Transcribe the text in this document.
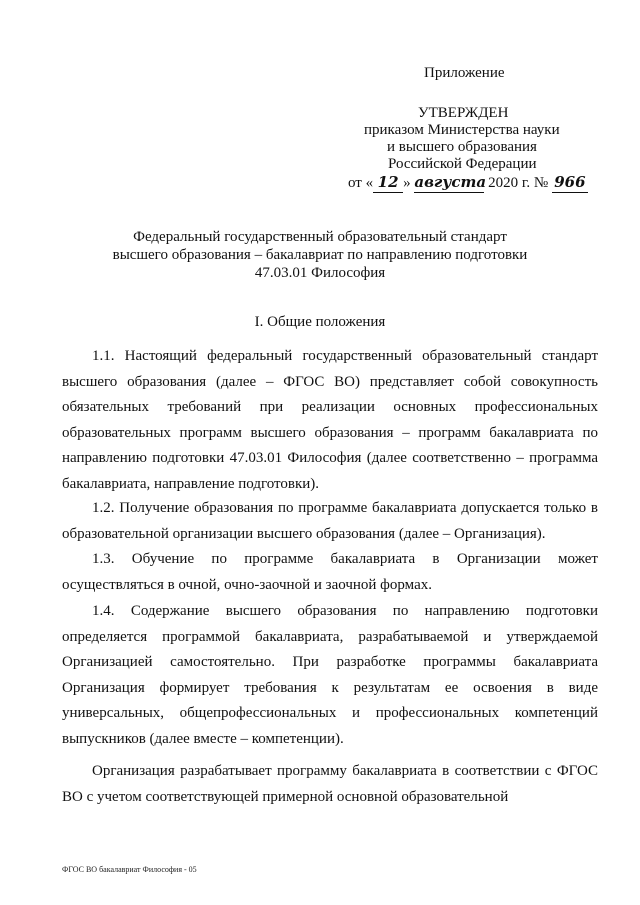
Приложение
УТВЕРЖДЕН
приказом Министерства науки
и высшего образования
Российской Федерации
от « 12 » августа 2020 г. № 966
Федеральный государственный образовательный стандарт
высшего образования – бакалавриат по направлению подготовки
47.03.01 Философия
I. Общие положения

1.1. Настоящий федеральный государственный образовательный стандарт высшего образования (далее – ФГОС ВО) представляет собой совокупность обязательных требований при реализации основных профессиональных образовательных программ высшего образования – программ бакалавриата по направлению подготовки 47.03.01 Философия (далее соответственно – программа бакалавриата, направление подготовки).

1.2. Получение образования по программе бакалавриата допускается только в образовательной организации высшего образования (далее – Организация).

1.3. Обучение по программе бакалавриата в Организации может осуществляться в очной, очно-заочной и заочной формах.

1.4. Содержание высшего образования по направлению подготовки определяется программой бакалавриата, разрабатываемой и утверждаемой Организацией самостоятельно. При разработке программы бакалавриата Организация формирует требования к результатам ее освоения в виде универсальных, общепрофессиональных и профессиональных компетенций выпускников (далее вместе – компетенции).

Организация разрабатывает программу бакалавриата в соответствии с ФГОС ВО с учетом соответствующей примерной основной образовательной

ФГОС ВО бакалавриат Философия - 05
